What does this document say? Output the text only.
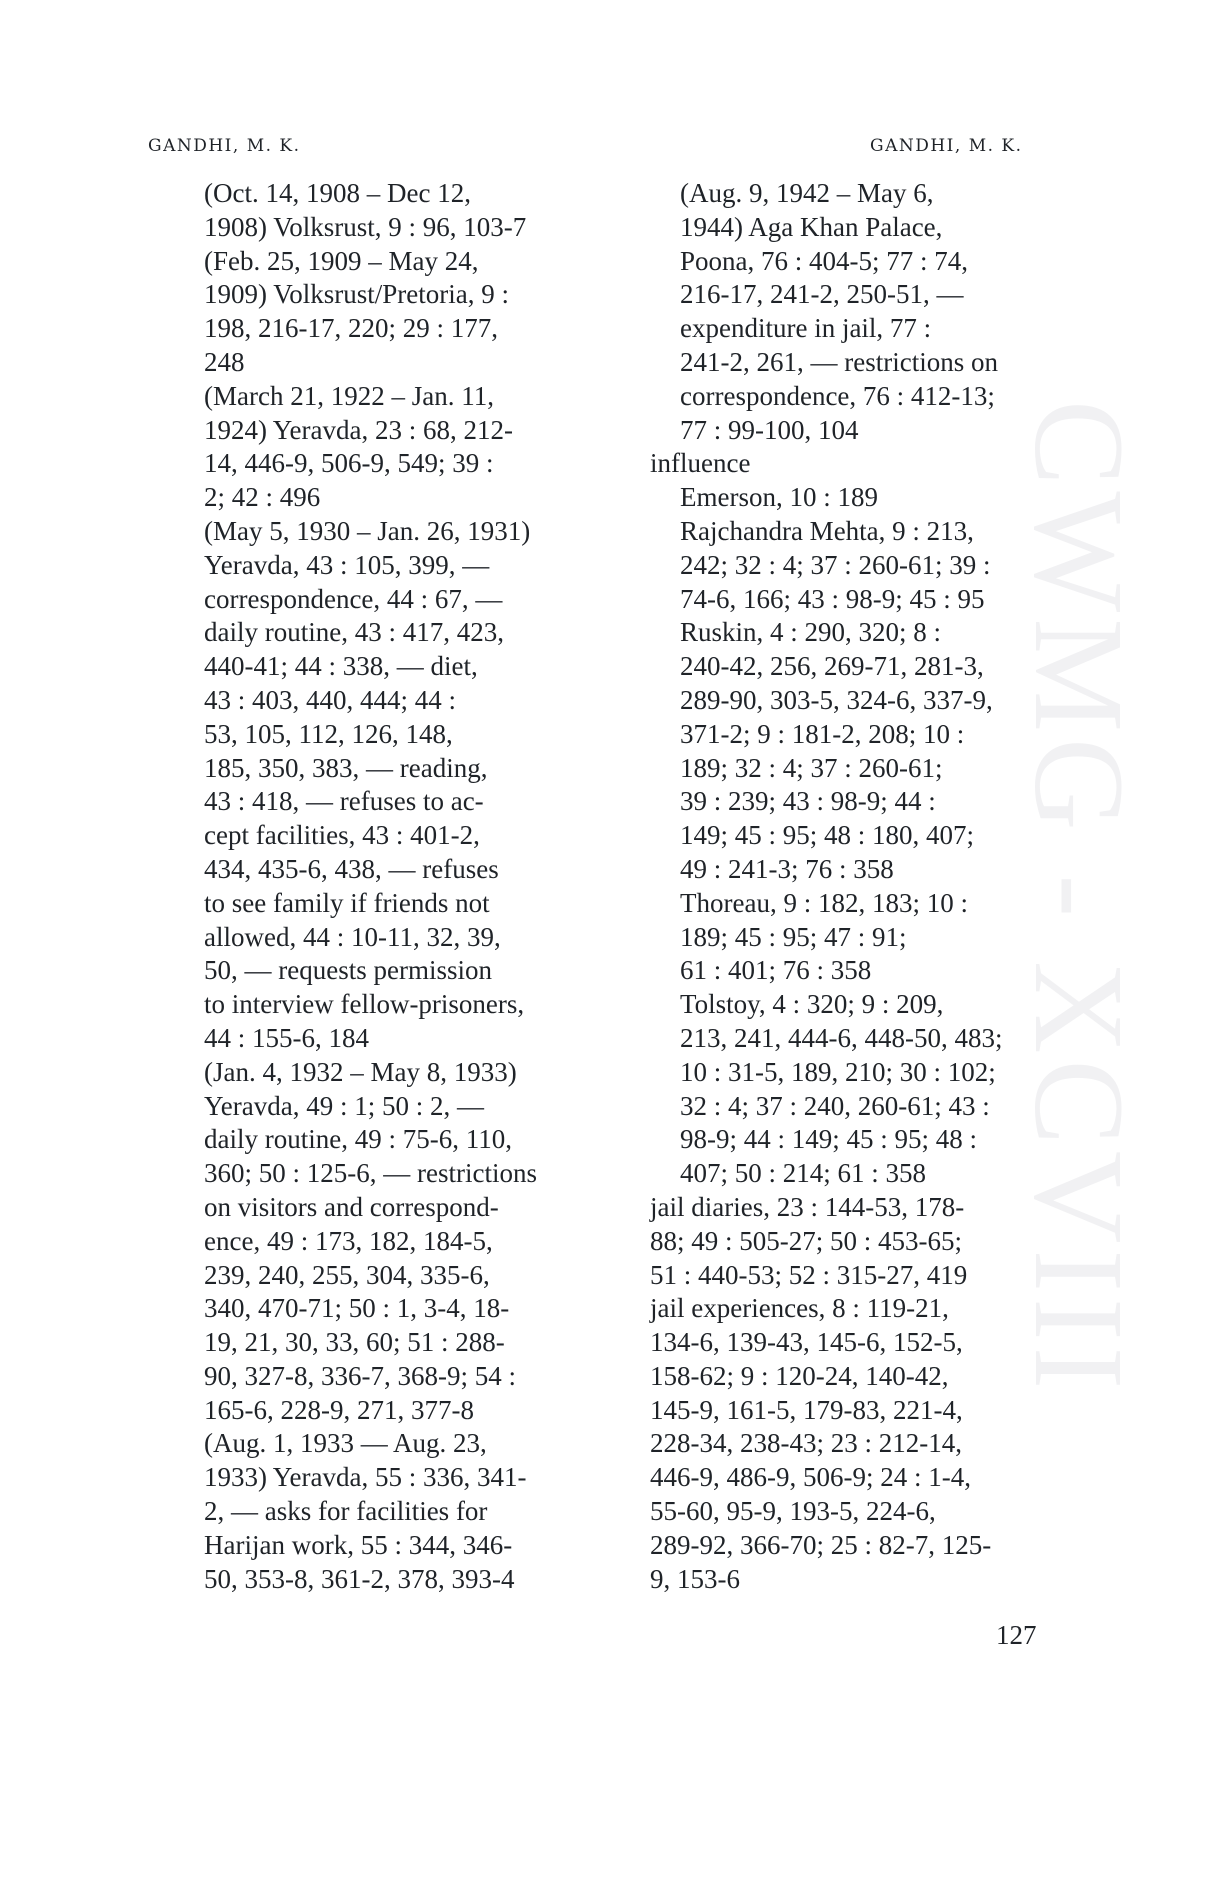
GANDHI, M. K.	GANDHI, M. K.
CWMG - XCVIII

(Oct. 14, 1908 – Dec 12,

1908) Volksrust, 9 : 96, 103-7

(Feb. 25, 1909 – May 24,

1909) Volksrust/Pretoria, 9 :

198, 216-17, 220; 29 : 177,

248

(March 21, 1922 – Jan. 11,

1924) Yeravda, 23 : 68, 212-

14, 446-9, 506-9, 549; 39 :

2; 42 : 496

(May 5, 1930 – Jan. 26, 1931)

Yeravda, 43 : 105, 399, —

correspondence, 44 : 67, —

daily routine, 43 : 417, 423,

440-41; 44 : 338, — diet,

43 : 403, 440, 444; 44 :

53, 105, 112, 126, 148,

185, 350, 383, — reading,

43 : 418, — refuses to ac-

cept facilities, 43 : 401-2,

434, 435-6, 438, — refuses

to see family if friends not

allowed, 44 : 10-11, 32, 39,

50, — requests permission

to interview fellow-prisoners,

44 : 155-6, 184

(Jan. 4, 1932 – May 8, 1933)

Yeravda, 49 : 1; 50 : 2, —

daily routine, 49 : 75-6, 110,

360; 50 : 125-6, — restrictions

on visitors and correspond-

ence, 49 : 173, 182, 184-5,

239, 240, 255, 304, 335-6,

340, 470-71; 50 : 1, 3-4, 18-

19, 21, 30, 33, 60; 51 : 288-

90, 327-8, 336-7, 368-9; 54 :

165-6, 228-9, 271, 377-8

(Aug. 1, 1933 — Aug. 23,

1933) Yeravda, 55 : 336, 341-

2, — asks for facilities for

Harijan work, 55 : 344, 346-

50, 353-8, 361-2, 378, 393-4

(Aug. 9, 1942 – May 6,

1944) Aga Khan Palace,

Poona, 76 : 404-5; 77 : 74,

216-17, 241-2, 250-51, —

expenditure in jail, 77 :

241-2, 261, — restrictions on

correspondence, 76 : 412-13;

77 : 99-100, 104

influence

Emerson, 10 : 189

Rajchandra Mehta, 9 : 213,

242; 32 : 4; 37 : 260-61; 39 :

74-6, 166; 43 : 98-9; 45 : 95

Ruskin, 4 : 290, 320; 8 :

240-42, 256, 269-71, 281-3,

289-90, 303-5, 324-6, 337-9,

371-2; 9 : 181-2, 208; 10 :

189; 32 : 4; 37 : 260-61;

39 : 239; 43 : 98-9; 44 :

149; 45 : 95; 48 : 180, 407;

49 : 241-3; 76 : 358

Thoreau, 9 : 182, 183; 10 :

189; 45 : 95; 47 : 91;

61 : 401; 76 : 358

Tolstoy, 4 : 320; 9 : 209,

213, 241, 444-6, 448-50, 483;

10 : 31-5, 189, 210; 30 : 102;

32 : 4; 37 : 240, 260-61; 43 :

98-9; 44 : 149; 45 : 95; 48 :

407; 50 : 214; 61 : 358

jail diaries, 23 : 144-53, 178-

88; 49 : 505-27; 50 : 453-65;

51 : 440-53; 52 : 315-27, 419

jail experiences, 8 : 119-21,

134-6, 139-43, 145-6, 152-5,

158-62; 9 : 120-24, 140-42,

145-9, 161-5, 179-83, 221-4,

228-34, 238-43; 23 : 212-14,

446-9, 486-9, 506-9; 24 : 1-4,

55-60, 95-9, 193-5, 224-6,

289-92, 366-70; 25 : 82-7, 125-

9, 153-6

127
